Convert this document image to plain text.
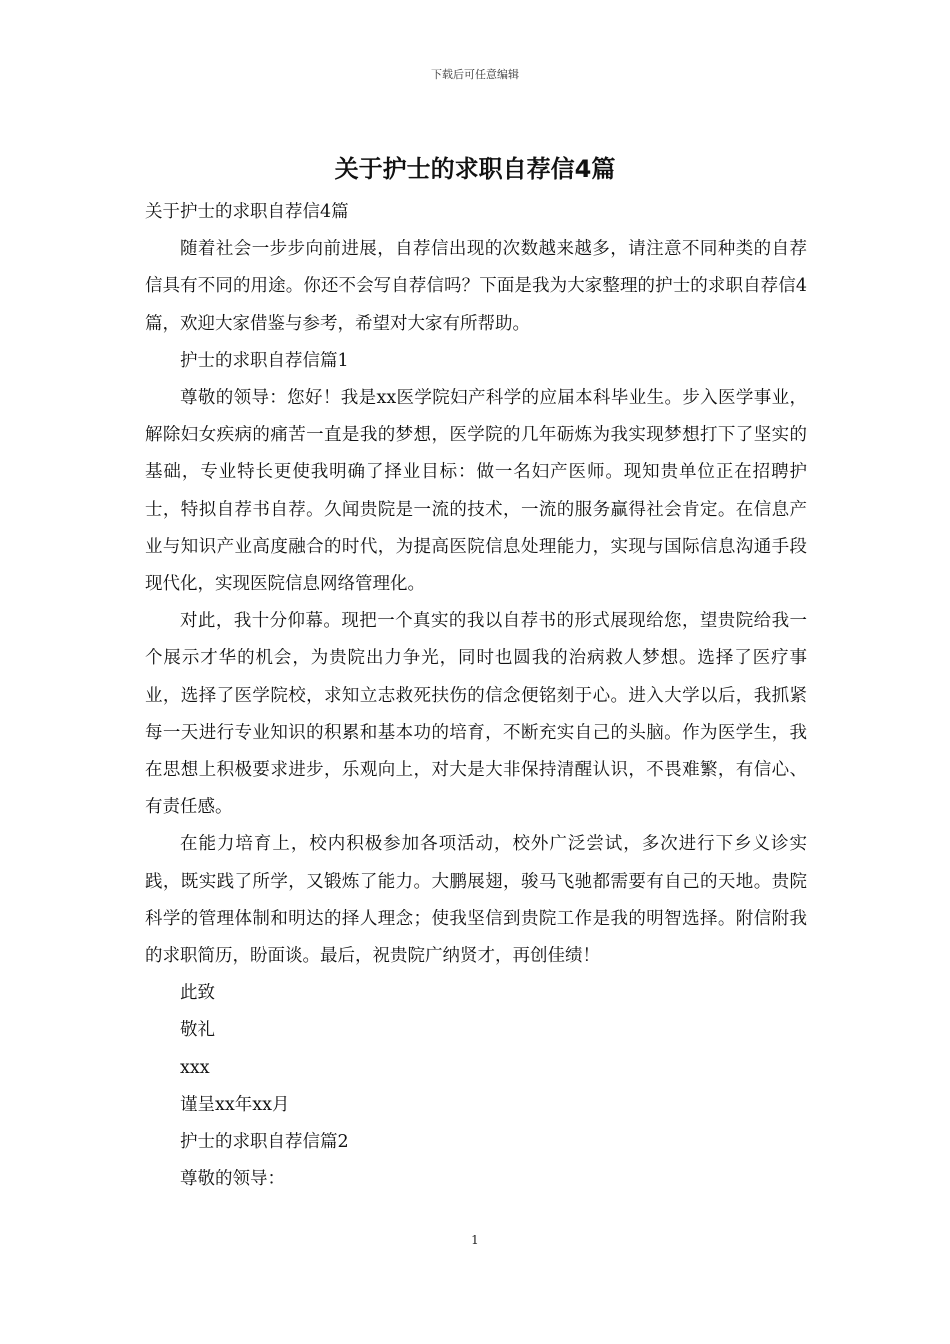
下载后可任意编辑
关于护士的求职自荐信4篇

关于护士的求职自荐信4篇

随着社会一步步向前进展，自荐信出现的次数越来越多，请注意不同种类的自荐信具有不同的用途。你还不会写自荐信吗？下面是我为大家整理的护士的求职自荐信4篇，欢迎大家借鉴与参考，希望对大家有所帮助。

护士的求职自荐信篇1

尊敬的领导：您好！我是xx医学院妇产科学的应届本科毕业生。步入医学事业，解除妇女疾病的痛苦一直是我的梦想，医学院的几年砺炼为我实现梦想打下了坚实的基础，专业特长更使我明确了择业目标：做一名妇产医师。现知贵单位正在招聘护士，特拟自荐书自荐。久闻贵院是一流的技术，一流的服务赢得社会肯定。在信息产业与知识产业高度融合的时代，为提高医院信息处理能力，实现与国际信息沟通手段现代化，实现医院信息网络管理化。

对此，我十分仰幕。现把一个真实的我以自荐书的形式展现给您，望贵院给我一个展示才华的机会，为贵院出力争光，同时也圆我的治病救人梦想。选择了医疗事业，选择了医学院校，求知立志救死扶伤的信念便铭刻于心。进入大学以后，我抓紧每一天进行专业知识的积累和基本功的培育，不断充实自己的头脑。作为医学生，我在思想上积极要求进步，乐观向上，对大是大非保持清醒认识，不畏难繁，有信心、有责任感。

在能力培育上，校内积极参加各项活动，校外广泛尝试，多次进行下乡义诊实践，既实践了所学，又锻炼了能力。大鹏展翅，骏马飞驰都需要有自己的天地。贵院科学的管理体制和明达的择人理念；使我坚信到贵院工作是我的明智选择。附信附我的求职简历，盼面谈。最后，祝贵院广纳贤才，再创佳绩！

此致

敬礼

xxx

谨呈xx年xx月

护士的求职自荐信篇2

尊敬的领导：

1
